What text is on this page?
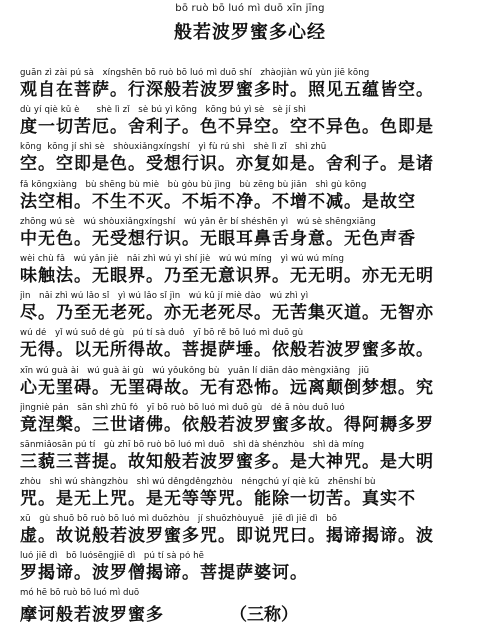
bō ruò bō luó mì duō xīn jīng
般若波罗蜜多心经
guān zì zài pú sà   xíngshēn bō ruò bō luó mì duō shí   zhàojiàn wǔ yùn jiē kōng
观自在菩萨。行深般若波罗蜜多时。照见五蕴皆空。
dù yí qiè kǔ è      shè lì zǐ   sè bú yì kōng   kōng bú yì sè   sè jí shì
度一切苦厄。舍利子。色不异空。空不异色。色即是
kōng  kōng jí shì sè   shòuxiǎngxíngshí   yì fù rú shì   shè lì zǐ   shì zhū
空。空即是色。受想行识。亦复如是。舍利子。是诸
fǎ kōngxiàng   bù shēng bù miè   bù gòu bù jìng   bù zēng bù jiǎn   shì gù kōng
法空相。不生不灭。不垢不净。不增不减。是故空
zhōng wú sè   wú shòuxiǎngxíngshí   wú yǎn ěr bí shéshēn yì   wú sè shēngxiāng
中无色。无受想行识。无眼耳鼻舌身意。无色声香
wèi chù fǎ   wú yǎn jiè   nǎi zhì wú yì shí jiè   wú wú míng   yì wú wú míng
味触法。无眼界。乃至无意识界。无无明。亦无无明
jìn   nǎi zhì wú lǎo sǐ   yì wú lǎo sǐ jìn   wú kǔ jí miè dào   wú zhì yì
尽。乃至无老死。亦无老死尽。无苦集灭道。无智亦
wú dé   yǐ wú suǒ dé gù   pú tí sà duǒ   yī bō rě bō luó mì duō gù
无得。以无所得故。菩提萨埵。依般若波罗蜜多故。
xīn wú guà ài   wú guà ài gù   wú yǒukǒng bù   yuǎn lí diān dǎo mèngxiǎng   jiū
心无罣碍。无罣碍故。无有恐怖。远离颠倒梦想。究
jìngniè pán   sān shì zhū fó   yī bō ruò bō luó mì duō gù   dé ā nòu duō luó
竟涅槃。三世诸佛。依般若波罗蜜多故。得阿耨多罗
sānmiǎosān pú tí   gù zhī bō ruò bō luó mì duō   shì dà shénzhòu   shì dà míng
三藐三菩提。故知般若波罗蜜多。是大神咒。是大明
zhòu   shì wú shàngzhòu   shì wú děngděngzhòu   néngchú yí qiè kǔ   zhēnshí bù
咒。是无上咒。是无等等咒。能除一切苦。真实不
xū   gù shuō bō ruò bō luó mì duōzhòu   jí shuōzhòuyuē   jiē dì jiē dì   bō
虚。故说般若波罗蜜多咒。即说咒曰。揭谛揭谛。波
luó jiē dì   bō luósēngjiē dì   pú tí sà pó hē
罗揭谛。波罗僧揭谛。菩提萨婆诃。
mó hē bō ruò bō luó mì duō
摩诃般若波罗蜜多	（三称）
